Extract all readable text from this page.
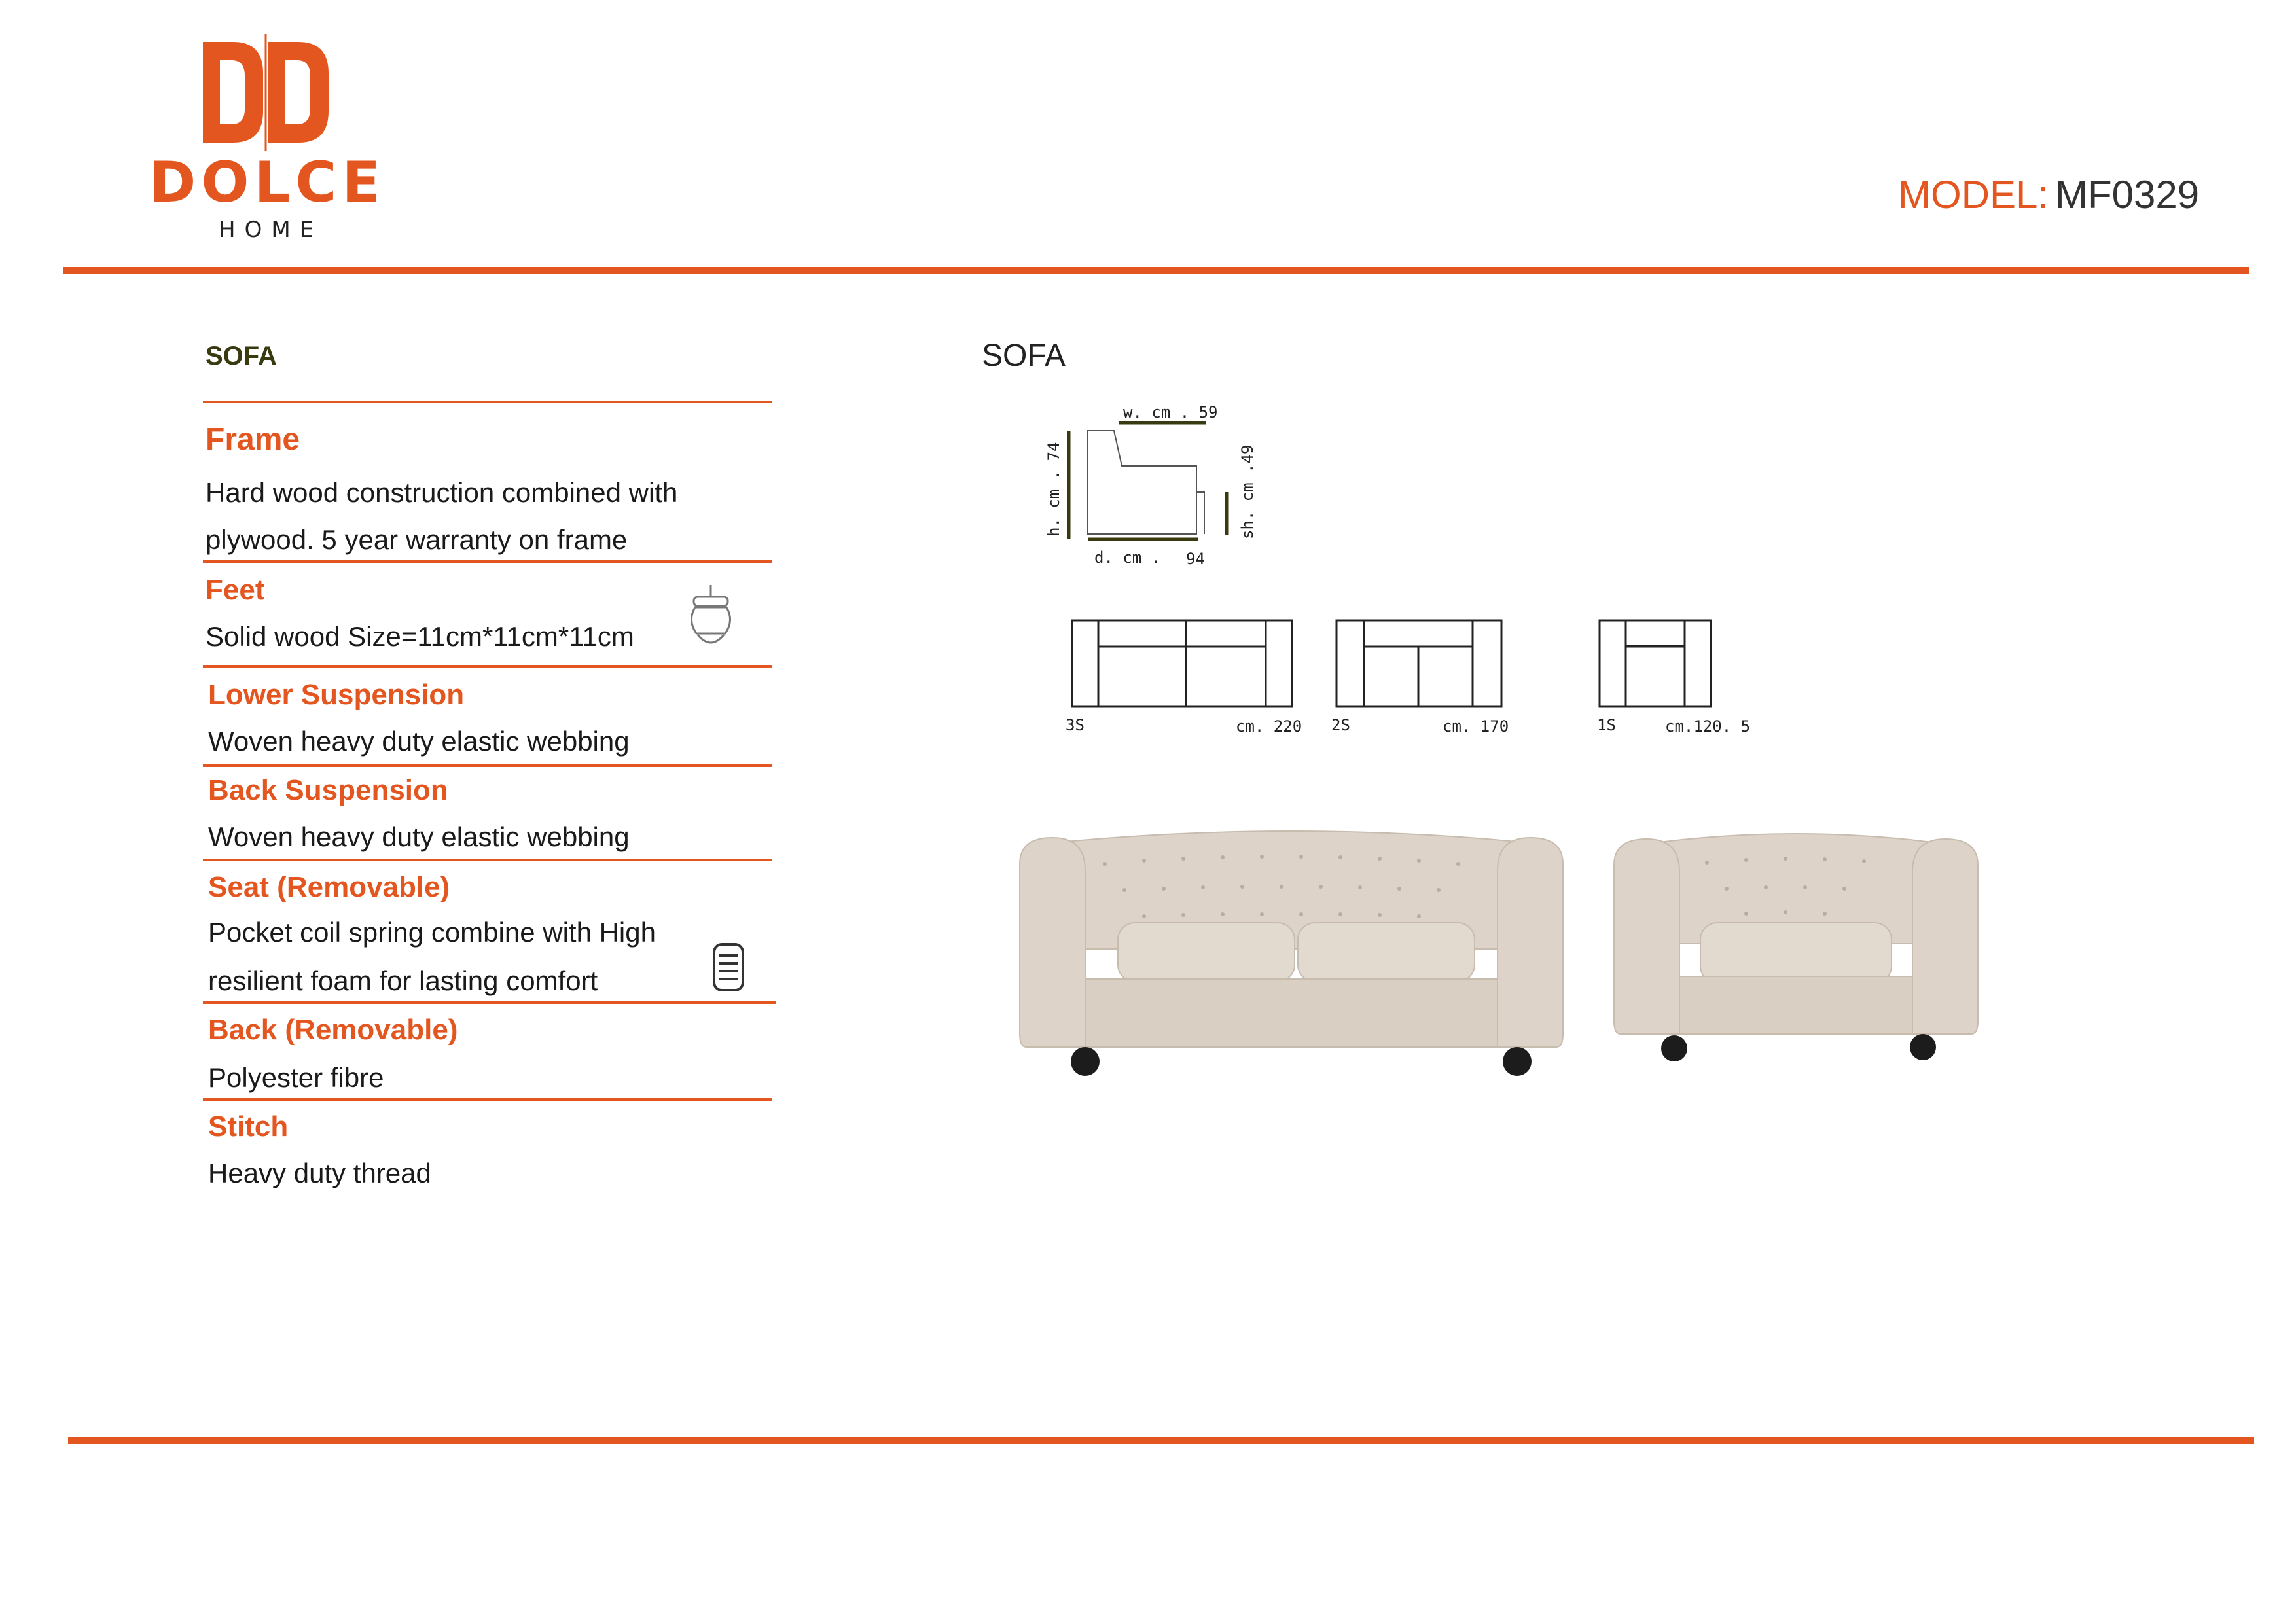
DOLCE
HOME
MODEL: MF0329
SOFA
Frame
Hard wood construction combined with
plywood. 5 year warranty on frame
Feet
Solid wood Size=11cm*11cm*11cm
Lower Suspension
Woven heavy duty elastic webbing
Back Suspension
Woven heavy duty elastic webbing
Seat (Removable)
Pocket coil spring combine with High
resilient foam for lasting comfort
Back (Removable)
Polyester fibre
Stitch
Heavy duty thread
SOFA
w. cm . 59
h. cm . 74	sh. cm .49
d. cm . 94
3S	cm. 220 2S	cm. 170	1S	cm.120. 5
